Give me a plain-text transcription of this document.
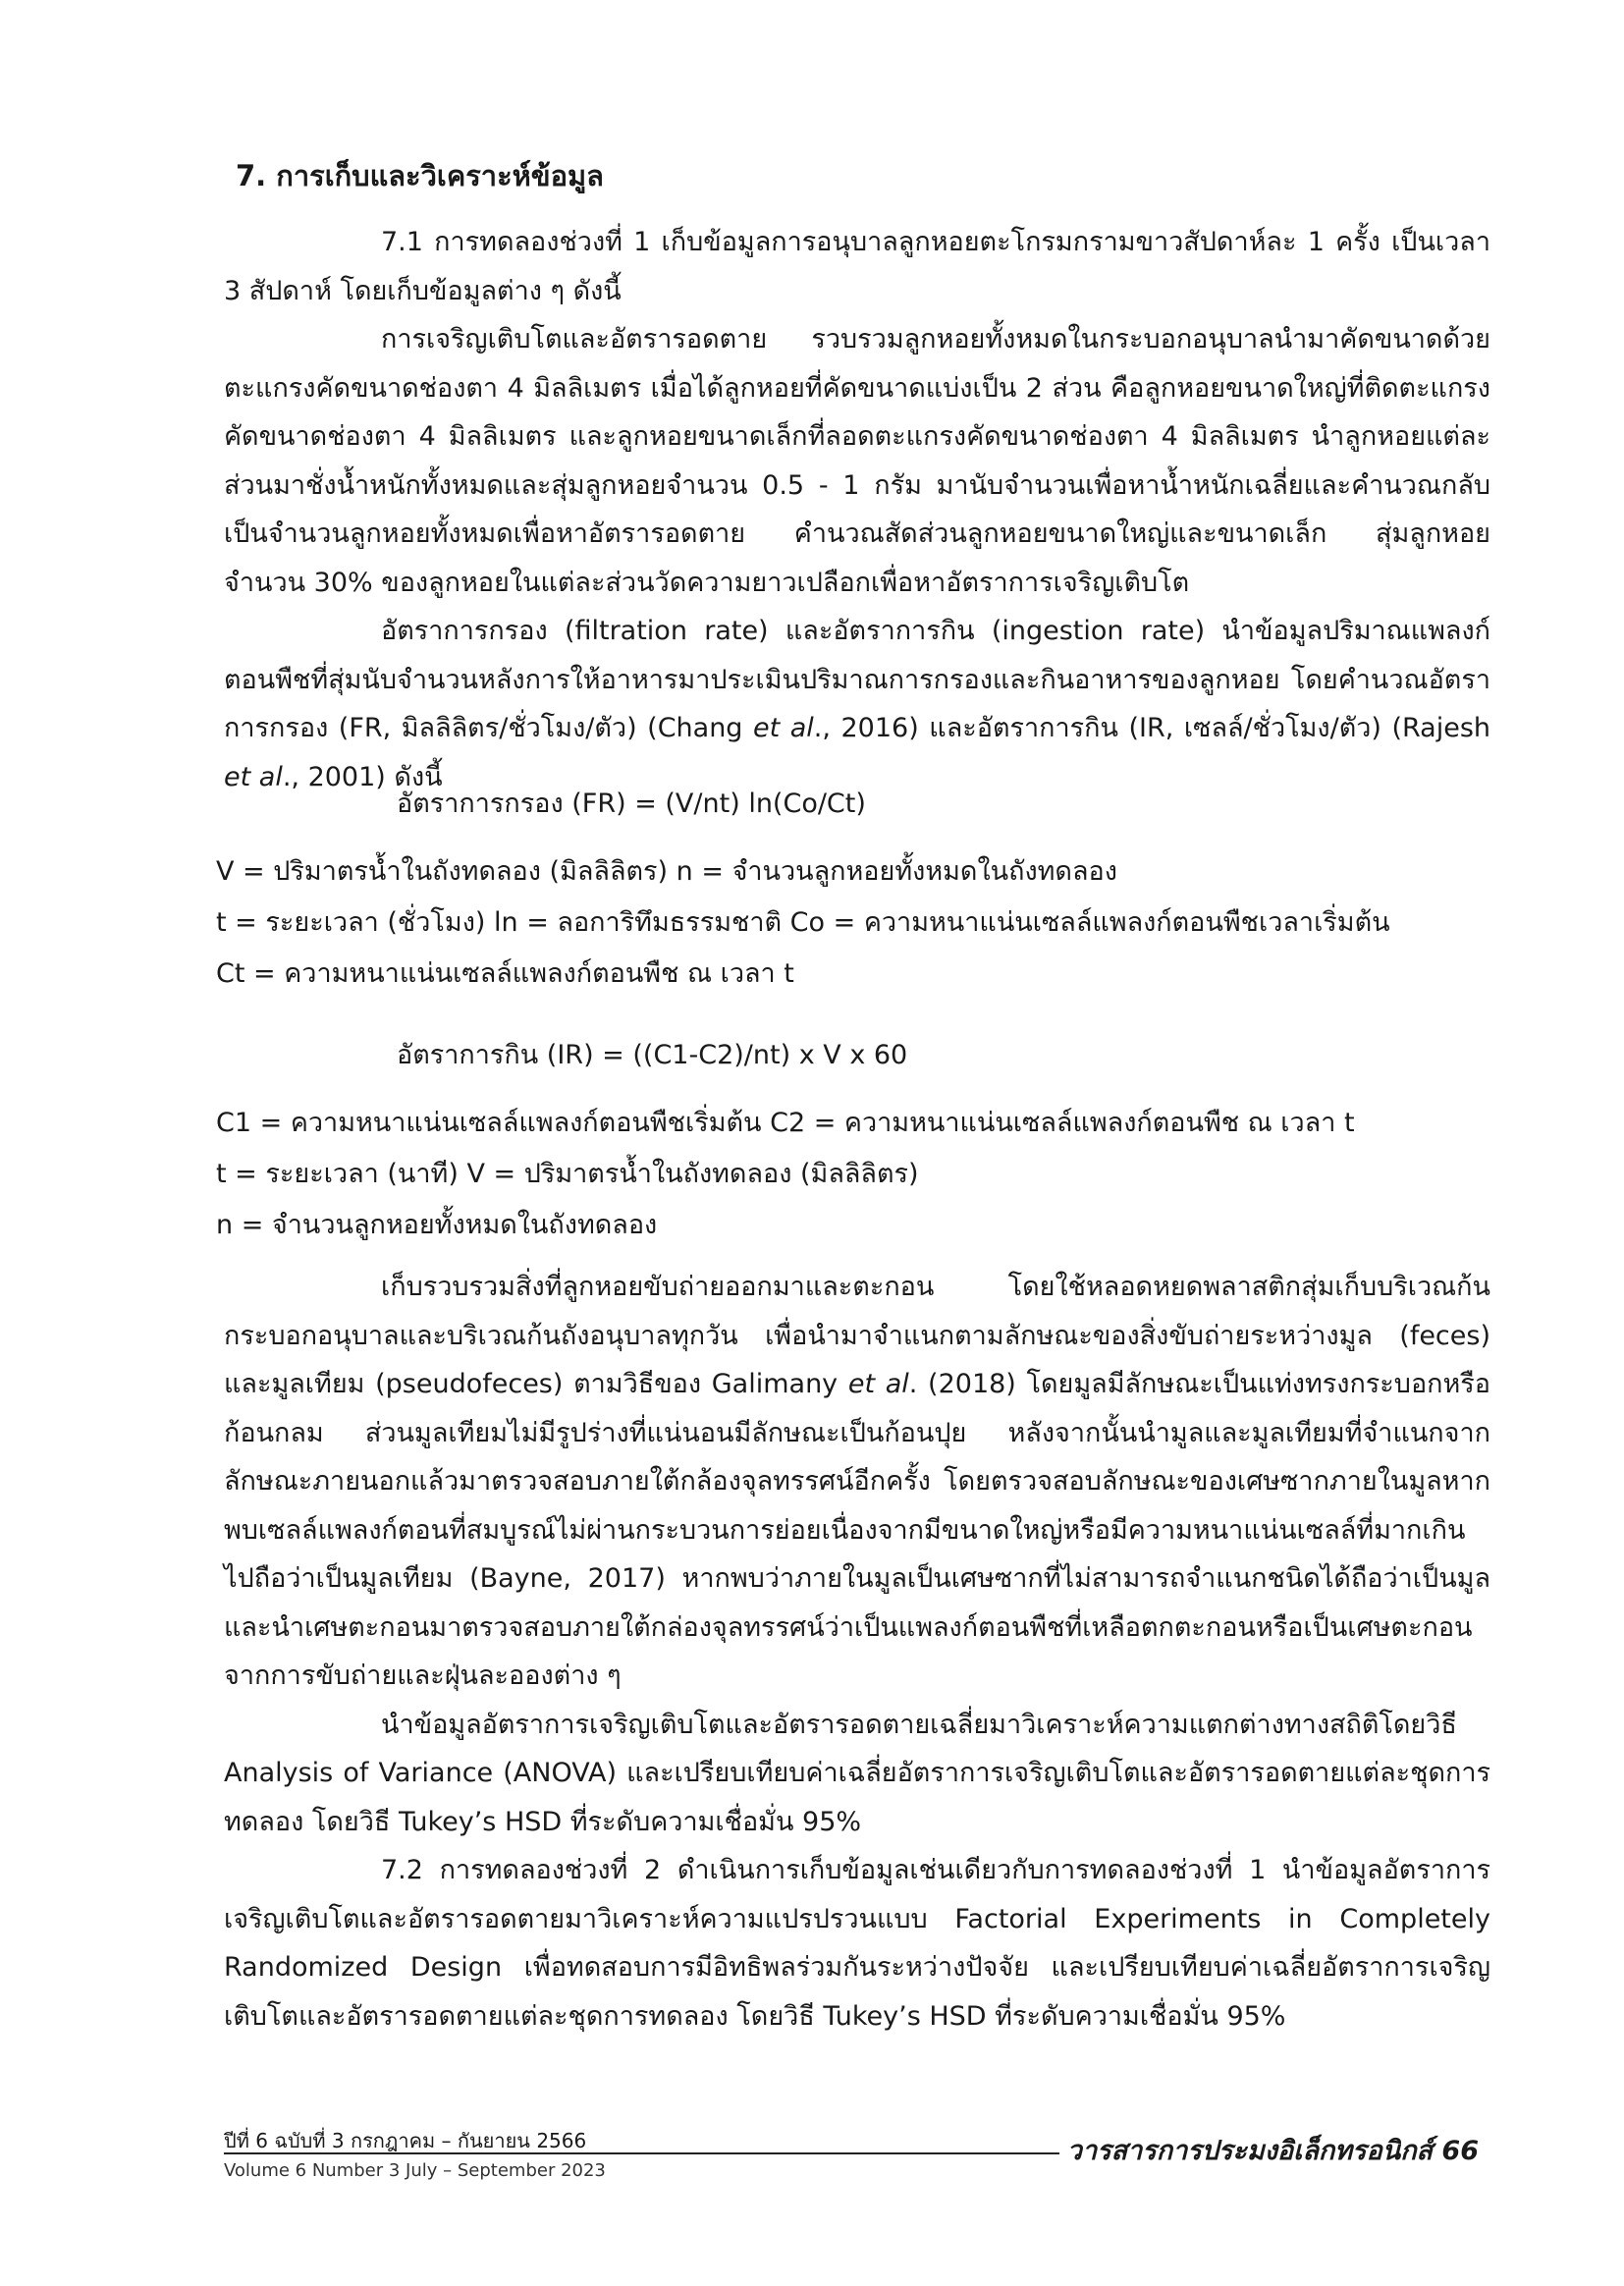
7. การเก็บและวิเคราะห์ข้อมูล

7.1 การทดลองช่วงที่ 1 เก็บข้อมูลการอนุบาลลูกหอยตะโกรมกรามขาวสัปดาห์ละ 1 ครั้ง เป็นเวลา 3 สัปดาห์ โดยเก็บข้อมูลต่าง ๆ ดังนี้

การเจริญเติบโตและอัตรารอดตาย รวบรวมลูกหอยทั้งหมดในกระบอกอนุบาลนำมาคัดขนาดด้วยตะแกรงคัดขนาดช่องตา 4 มิลลิเมตร เมื่อได้ลูกหอยที่คัดขนาดแบ่งเป็น 2 ส่วน คือลูกหอยขนาดใหญ่ที่ติดตะแกรงคัดขนาดช่องตา 4 มิลลิเมตร และลูกหอยขนาดเล็กที่ลอดตะแกรงคัดขนาดช่องตา 4 มิลลิเมตร นำลูกหอยแต่ละส่วนมาชั่งน้ำหนักทั้งหมดและสุ่มลูกหอยจำนวน 0.5 - 1 กรัม มานับจำนวนเพื่อหาน้ำหนักเฉลี่ยและคำนวณกลับเป็นจำนวนลูกหอยทั้งหมดเพื่อหาอัตรารอดตาย คำนวณสัดส่วนลูกหอยขนาดใหญ่และขนาดเล็ก สุ่มลูกหอยจำนวน 30% ของลูกหอยในแต่ละส่วนวัดความยาวเปลือกเพื่อหาอัตราการเจริญเติบโต

อัตราการกรอง (filtration rate) และอัตราการกิน (ingestion rate) นำข้อมูลปริมาณแพลงก์ตอนพืชที่สุ่มนับจำนวนหลังการให้อาหารมาประเมินปริมาณการกรองและกินอาหารของลูกหอย โดยคำนวณอัตราการกรอง (FR, มิลลิลิตร/ชั่วโมง/ตัว) (Chang et al., 2016) และอัตราการกิน (IR, เซลล์/ชั่วโมง/ตัว) (Rajesh et al., 2001) ดังนี้

อัตราการกรอง (FR) = (V/nt) ln(Co/Ct)
V = ปริมาตรน้ำในถังทดลอง (มิลลิลิตร) n = จำนวนลูกหอยทั้งหมดในถังทดลอง
t = ระยะเวลา (ชั่วโมง) ln = ลอการิทึมธรรมชาติ Co = ความหนาแน่นเซลล์แพลงก์ตอนพืชเวลาเริ่มต้น
Ct = ความหนาแน่นเซลล์แพลงก์ตอนพืช ณ เวลา t
อัตราการกิน (IR) = ((C1-C2)/nt) x V x 60
C1 = ความหนาแน่นเซลล์แพลงก์ตอนพืชเริ่มต้น C2 = ความหนาแน่นเซลล์แพลงก์ตอนพืช ณ เวลา t
t = ระยะเวลา (นาที) V = ปริมาตรน้ำในถังทดลอง (มิลลิลิตร)
n = จำนวนลูกหอยทั้งหมดในถังทดลอง

เก็บรวบรวมสิ่งที่ลูกหอยขับถ่ายออกมาและตะกอน โดยใช้หลอดหยดพลาสติกสุ่มเก็บบริเวณก้นกระบอกอนุบาลและบริเวณก้นถังอนุบาลทุกวัน เพื่อนำมาจำแนกตามลักษณะของสิ่งขับถ่ายระหว่างมูล (feces) และมูลเทียม (pseudofeces) ตามวิธีของ Galimany et al. (2018) โดยมูลมีลักษณะเป็นแท่งทรงกระบอกหรือก้อนกลม ส่วนมูลเทียมไม่มีรูปร่างที่แน่นอนมีลักษณะเป็นก้อนปุย หลังจากนั้นนำมูลและมูลเทียมที่จำแนกจากลักษณะภายนอกแล้วมาตรวจสอบภายใต้กล้องจุลทรรศน์อีกครั้ง โดยตรวจสอบลักษณะของเศษซากภายในมูลหากพบเซลล์แพลงก์ตอนที่สมบูรณ์ไม่ผ่านกระบวนการย่อยเนื่องจากมีขนาดใหญ่หรือมีความหนาแน่นเซลล์ที่มากเกินไปถือว่าเป็นมูลเทียม (Bayne, 2017) หากพบว่าภายในมูลเป็นเศษซากที่ไม่สามารถจำแนกชนิดได้ถือว่าเป็นมูล และนำเศษตะกอนมาตรวจสอบภายใต้กล่องจุลทรรศน์ว่าเป็นแพลงก์ตอนพืชที่เหลือตกตะกอนหรือเป็นเศษตะกอนจากการขับถ่ายและฝุ่นละอองต่าง ๆ

นำข้อมูลอัตราการเจริญเติบโตและอัตรารอดตายเฉลี่ยมาวิเคราะห์ความแตกต่างทางสถิติโดยวิธี Analysis of Variance (ANOVA) และเปรียบเทียบค่าเฉลี่ยอัตราการเจริญเติบโตและอัตรารอดตายแต่ละชุดการทดลอง โดยวิธี Tukey’s HSD ที่ระดับความเชื่อมั่น 95%

7.2 การทดลองช่วงที่ 2 ดำเนินการเก็บข้อมูลเช่นเดียวกับการทดลองช่วงที่ 1 นำข้อมูลอัตราการเจริญเติบโตและอัตรารอดตายมาวิเคราะห์ความแปรปรวนแบบ Factorial Experiments in Completely Randomized Design เพื่อทดสอบการมีอิทธิพลร่วมกันระหว่างปัจจัย และเปรียบเทียบค่าเฉลี่ยอัตราการเจริญเติบโตและอัตรารอดตายแต่ละชุดการทดลอง โดยวิธี Tukey’s HSD ที่ระดับความเชื่อมั่น 95%

ปีที่ 6 ฉบับที่ 3 กรกฎาคม – กันยายน 2566
Volume 6 Number 3 July – September 2023
วารสารการประมงอิเล็กทรอนิกส์ 66
